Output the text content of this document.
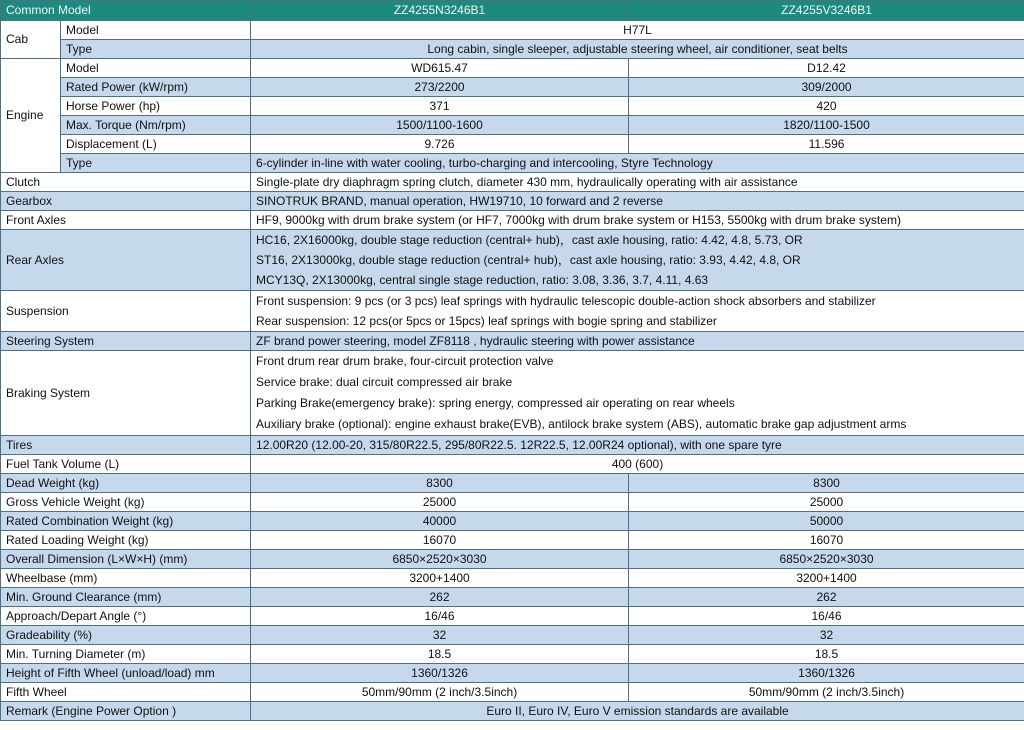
Common Model		ZZ4255N3246B1	ZZ4255V3246B1
Cab	Model	H77L	
	Type	Long cabin, single sleeper, adjustable steering wheel, air conditioner, seat belts	
Engine	Model	WD615.47	D12.42
	Rated Power (kW/rpm)	273/2200	309/2000
	Horse Power (hp)	371	420
	Max. Torque (Nm/rpm)	1500/1100-1600	1820/1100-1500
	Displacement (L)	9.726	11.596
	Type	6-cylinder in-line with water cooling, turbo-charging and intercooling, Styre Technology	
Clutch		Single-plate dry diaphragm spring clutch, diameter 430 mm, hydraulically operating with air assistance	
Gearbox		SINOTRUK BRAND, manual operation, HW19710, 10 forward and 2 reverse	
Front Axles		HF9, 9000kg with drum brake system (or HF7, 7000kg with drum brake system or H153, 5500kg with drum brake system)	
Rear Axles		HC16, 2X16000kg, double stage reduction (central+ hub)，cast axle housing, ratio: 4.42, 4.8, 5.73, OR
ST16, 2X13000kg, double stage reduction (central+ hub)，cast axle housing, ratio: 3.93, 4.42, 4.8, OR
MCY13Q, 2X13000kg, central single stage reduction, ratio: 3.08, 3.36, 3.7, 4.11, 4.63	

Suspension		Front suspension: 9 pcs (or 3 pcs) leaf springs with hydraulic telescopic double-action shock absorbers and stabilizer
Rear suspension: 12 pcs(or 5pcs or 15pcs) leaf springs with bogie spring and stabilizer	

Steering System		ZF brand power steering, model ZF8118 , hydraulic steering with power assistance	
Braking System		Front drum rear drum brake, four-circuit protection valve
Service brake: dual circuit compressed air brake
Parking Brake(emergency brake): spring energy, compressed air operating on rear wheels
Auxiliary brake (optional): engine exhaust brake(EVB), antilock brake system (ABS), automatic brake gap adjustment arms	

Tires		12.00R20 (12.00-20, 315/80R22.5, 295/80R22.5. 12R22.5, 12.00R24 optional), with one spare tyre	
Fuel Tank Volume (L)		400 (600)	
Dead Weight (kg)		8300	8300
Gross Vehicle Weight (kg)		25000	25000
Rated Combination Weight (kg)		40000	50000
Rated Loading Weight (kg)		16070	16070
Overall Dimension (L×W×H) (mm)		6850×2520×3030	6850×2520×3030
Wheelbase (mm)		3200+1400	3200+1400
Min. Ground Clearance (mm)		262	262
Approach/Depart Angle (°)		16/46	16/46
Gradeability (%)		32	32
Min. Turning Diameter (m)		18.5	18.5
Height of Fifth Wheel (unload/load) mm		1360/1326	1360/1326
Fifth Wheel		50mm/90mm (2 inch/3.5inch)	50mm/90mm (2 inch/3.5inch)
Remark (Engine Power Option )		Euro II, Euro IV, Euro V emission standards are available	
